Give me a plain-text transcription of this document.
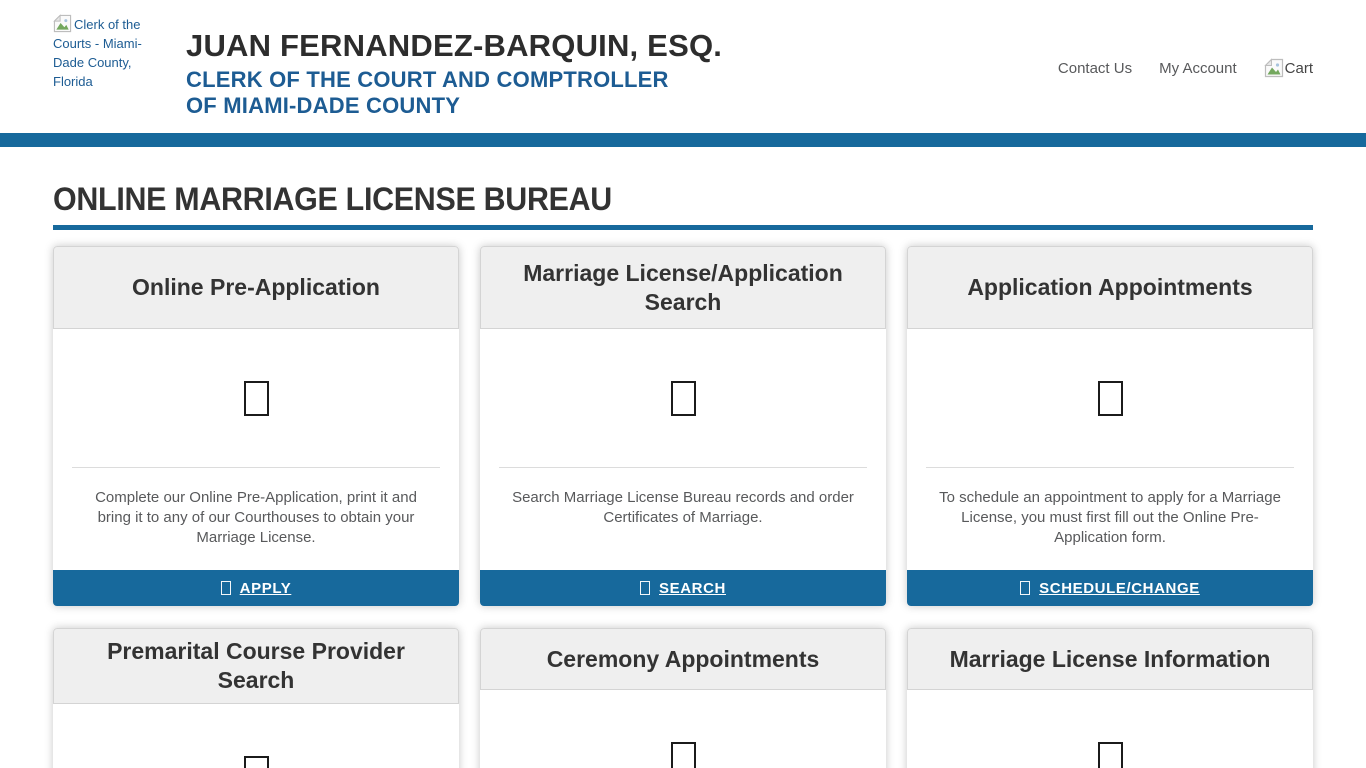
Clerk of the Courts - Miami-Dade County, Florida
JUAN FERNANDEZ-BARQUIN, ESQ.
CLERK OF THE COURT AND COMPTROLLER
OF MIAMI-DADE COUNTY
Contact Us My Account	Cart
ONLINE MARRIAGE LICENSE BUREAU
Online Pre-Application

Complete our Online Pre-Application, print it and bring it to any of our Courthouses to obtain your Marriage License.

APPLY
Marriage License/Application Search

Search Marriage License Bureau records and order Certificates of Marriage.

SEARCH
Application Appointments

To schedule an appointment to apply for a Marriage License, you must first fill out the Online Pre-Application form.

SCHEDULE/CHANGE
Premarital Course Provider Search
Ceremony Appointments	Marriage License Information
